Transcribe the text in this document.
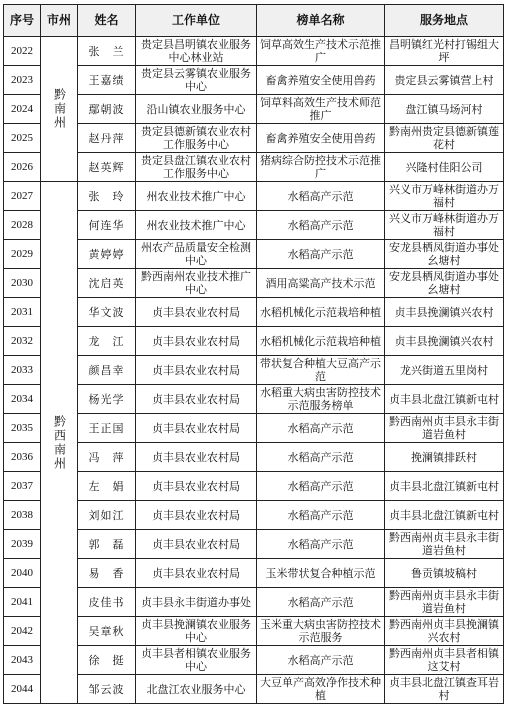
序号	市州	姓名	工作单位	榜单名称	服务地点
2022	黔南州	张　兰	贵定县昌明镇农业服务中心林业站	饲草高效生产技术示范推广	昌明镇红光村打锡组大坪
2023		王嘉绩	贵定县云雾镇农业服务中心	畜禽养殖安全使用兽药	贵定县云雾镇营上村
2024		鄢朝波	沿山镇农业服务中心	饲草料高效生产技术师范推广	盘江镇马场河村
2025		赵丹萍	贵定县德新镇农业农村工作服务中心	畜禽养殖安全使用兽药	黔南州贵定县德新镇莲花村
2026		赵英辉	贵定县盘江镇农业农村工作服务中心	猪病综合防控技术示范推广	兴隆村佳阳公司
2027	黔西南州	张　玲	州农业技术推广中心	水稻高产示范	兴义市万峰林街道办万福村
2028		何连华	州农业技术推广中心	水稻高产示范	兴义市万峰林街道办万福村
2029		黄婷婷	州农产品质量安全检测中心	水稻高产示范	安龙县栖凤街道办事处幺塘村
2030		沈启英	黔西南州农业技术推广中心	酒用高粱高产技术示范	安龙县栖凤街道办事处幺塘村
2031		华文波	贞丰县农业农村局	水稻机械化示范栽培种植	贞丰县挽澜镇兴农村
2032		龙　江	贞丰县农业农村局	水稻机械化示范栽培种植	贞丰县挽澜镇兴农村
2033		颜昌幸	贞丰县农业农村局	带状复合种植大豆高产示范	龙兴街道五里岗村
2034		杨光学	贞丰县农业农村局	水稻重大病虫害防控技术示范服务榜单	贞丰县北盘江镇新屯村
2035		王正国	贞丰县农业农村局	水稻高产示范	黔西南州贞丰县永丰街道岩鱼村
2036		冯　萍	贞丰县农业农村局	水稻高产示范	挽澜镇排跃村
2037		左　娟	贞丰县农业农村局	水稻高产示范	贞丰县北盘江镇新屯村
2038		刘如江	贞丰县农业农村局	水稻高产示范	贞丰县北盘江镇新屯村
2039		郭　磊	贞丰县农业农村局	水稻高产示范	黔西南州贞丰县永丰街道岩鱼村
2040		易　香	贞丰县农业农村局	玉米带状复合种植示范	鲁贡镇坡稿村
2041		皮佳书	贞丰县永丰街道办事处	水稻高产示范	黔西南州贞丰县永丰街道岩鱼村
2042		吴章秋	贞丰县挽澜镇农业服务中心	玉米重大病虫害防控技术示范服务	黔西南州贞丰县挽澜镇兴农村
2043		徐　挺	贞丰县者相镇农业服务中心	水稻高产示范	黔西南州贞丰县者相镇这艾村
2044		邹云波	北盘江农业服务中心	大豆单产高效净作技术种植	贞丰县北盘江镇查耳岩村
